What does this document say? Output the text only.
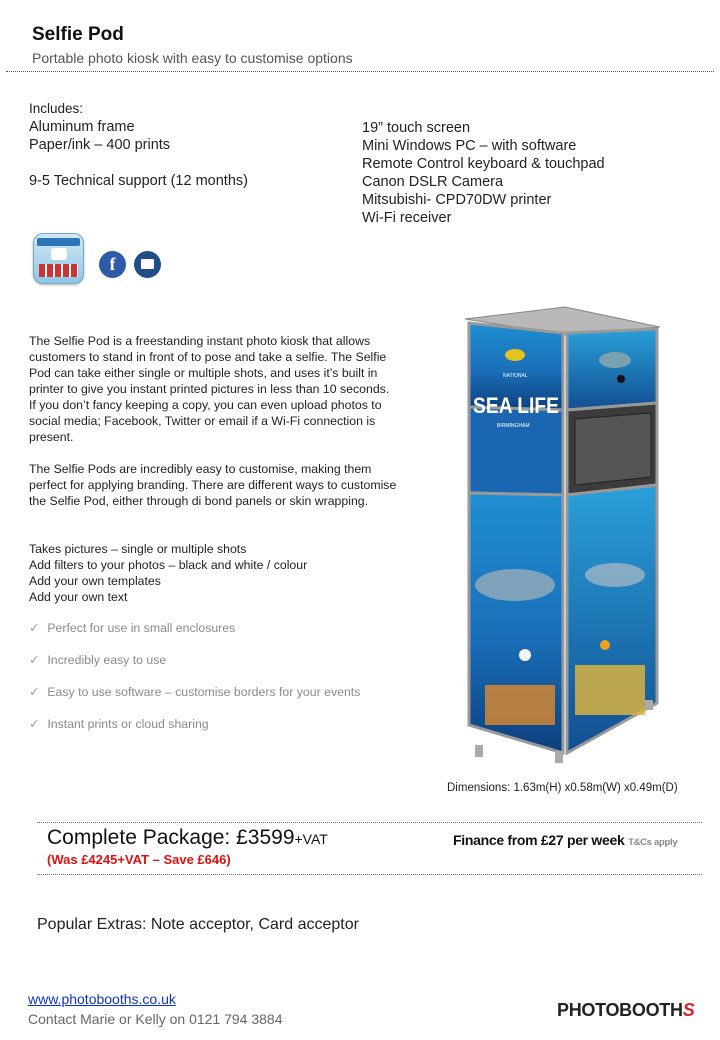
Selfie Pod
Portable photo kiosk with easy to customise options
Includes:
Aluminum frame
Paper/ink – 400 prints
9-5 Technical support (12 months)
19” touch screen
Mini Windows PC – with software
Remote Control keyboard & touchpad
Canon DSLR Camera
Mitsubishi- CPD70DW printer
Wi-Fi receiver
f
The Selfie Pod is a freestanding instant photo kiosk that allows customers to stand in front of to pose and take a selfie. The Selfie Pod can take either single or multiple shots, and uses it’s built in printer to give you instant printed pictures in less than 10 seconds. If you don’t fancy keeping a copy, you can even upload photos to social media; Facebook, Twitter or email if a Wi-Fi connection is present.
The Selfie Pods are incredibly easy to customise, making them perfect for applying branding. There are different ways to customise the Selfie Pod, either through di bond panels or skin wrapping.
Takes pictures – single or multiple shots
Add filters to your photos – black and white / colour
Add your own templates
Add your own text
✓ Perfect for use in small enclosures
✓ Incredibly easy to use
✓ Easy to use software – customise borders for your events
✓ Instant prints or cloud sharing
NATIONAL
SEA LIFE
BIRMINGHAM
Dimensions: 1.63m(H) x0.58m(W) x0.49m(D)
Complete Package: £3599+VAT
(Was £4245+VAT – Save £646)
Finance from £27 per week T&Cs apply
Popular Extras: Note acceptor, Card acceptor
www.photobooths.co.uk
Contact Marie or Kelly on 0121 794 3884	PHOTOBOOTHS
